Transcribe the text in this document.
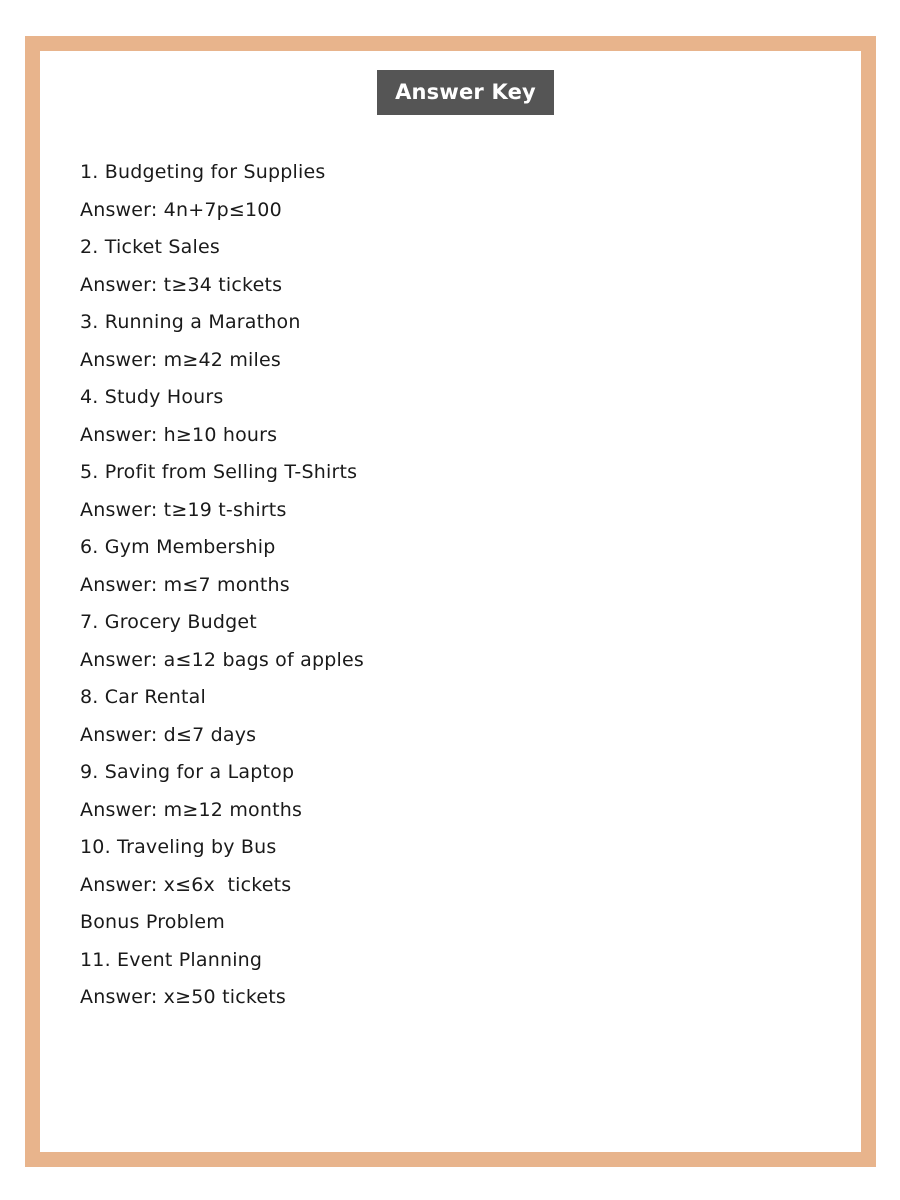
Answer Key
1. Budgeting for Supplies
Answer: 4n+7p≤100
2. Ticket Sales
Answer: t≥34 tickets
3. Running a Marathon
Answer: m≥42 miles
4. Study Hours
Answer: h≥10 hours
5. Profit from Selling T-Shirts
Answer: t≥19 t-shirts
6. Gym Membership
Answer: m≤7 months
7. Grocery Budget
Answer: a≤12 bags of apples
8. Car Rental
Answer: d≤7 days
9. Saving for a Laptop
Answer: m≥12 months
10. Traveling by Bus
Answer: x≤6x  tickets
Bonus Problem
11. Event Planning
Answer: x≥50 tickets
